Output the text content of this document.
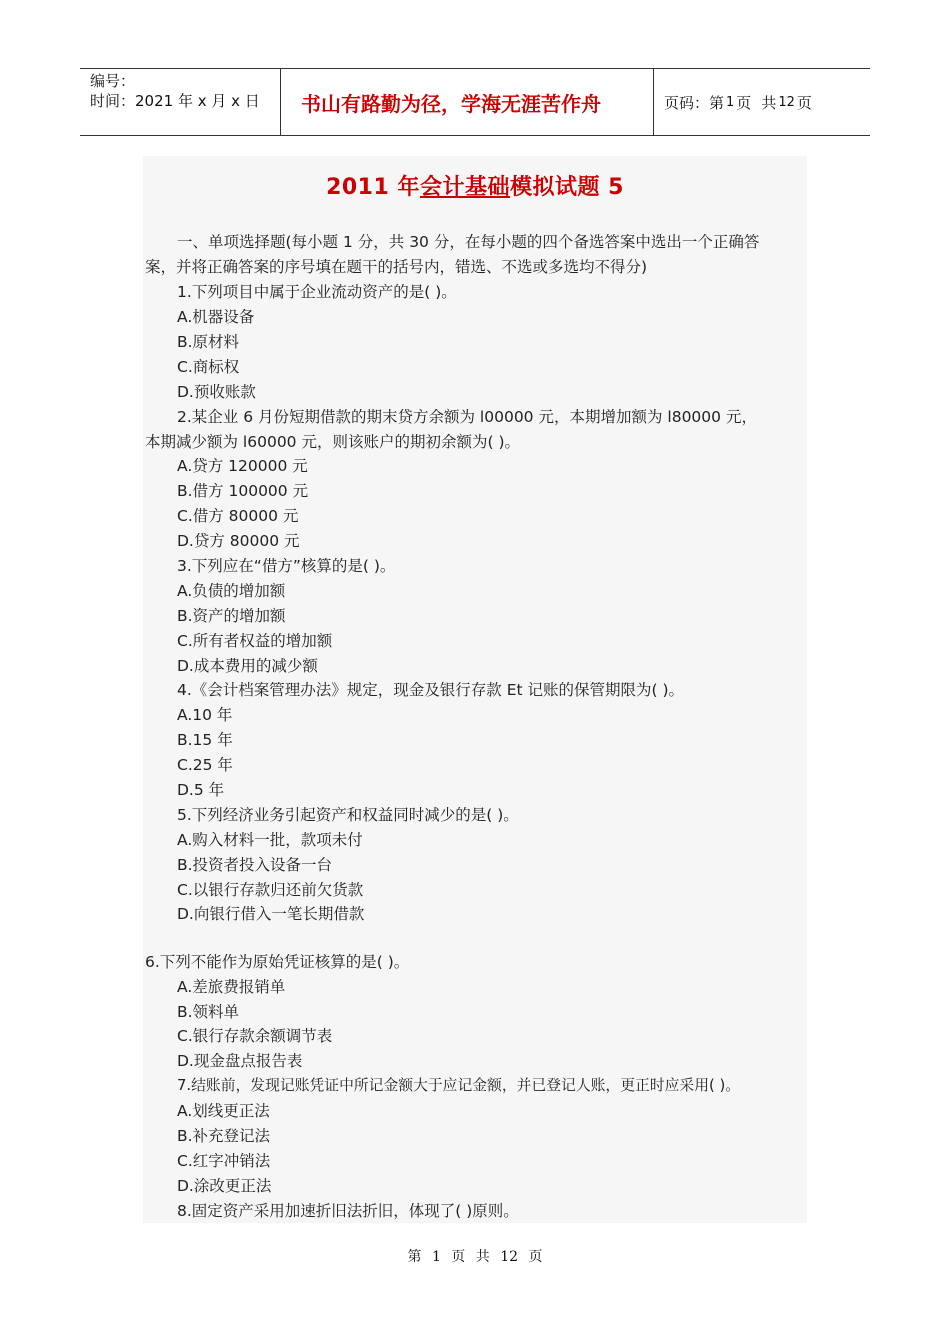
编号：
时间：2021 年 x 月 x 日	书山有路勤为径，学海无涯苦作舟	页码：第 1 页 共 12 页
2011 年会计基础模拟试题 5
一、单项选择题(每小题 1 分，共 30 分，在每小题的四个备选答案中选出一个正确答
案，并将正确答案的序号填在题干的括号内，错选、不选或多选均不得分)
1.下列项目中属于企业流动资产的是( )。
A.机器设备
B.原材料
C.商标权
D.预收账款
2.某企业 6 月份短期借款的期末贷方余额为 l00000 元，本期增加额为 l80000 元，
本期减少额为 l60000 元，则该账户的期初余额为( )。
A.贷方 120000 元
B.借方 100000 元
C.借方 80000 元
D.贷方 80000 元
3.下列应在“借方”核算的是( )。
A.负债的增加额
B.资产的增加额
C.所有者权益的增加额
D.成本费用的减少额
4.《会计档案管理办法》规定，现金及银行存款 Et 记账的保管期限为( )。
A.10 年
B.15 年
C.25 年
D.5 年
5.下列经济业务引起资产和权益同时减少的是( )。
A.购入材料一批，款项未付
B.投资者投入设备一台
C.以银行存款归还前欠货款
D.向银行借入一笔长期借款
6.下列不能作为原始凭证核算的是( )。
A.差旅费报销单
B.领料单
C.银行存款余额调节表
D.现金盘点报告表
7.结账前，发现记账凭证中所记金额大于应记金额，并已登记人账，更正时应采用( )。
A.划线更正法
B.补充登记法
C.红字冲销法
D.涂改更正法
8.固定资产采用加速折旧法折旧，体现了( )原则。
第 1 页 共 12 页
